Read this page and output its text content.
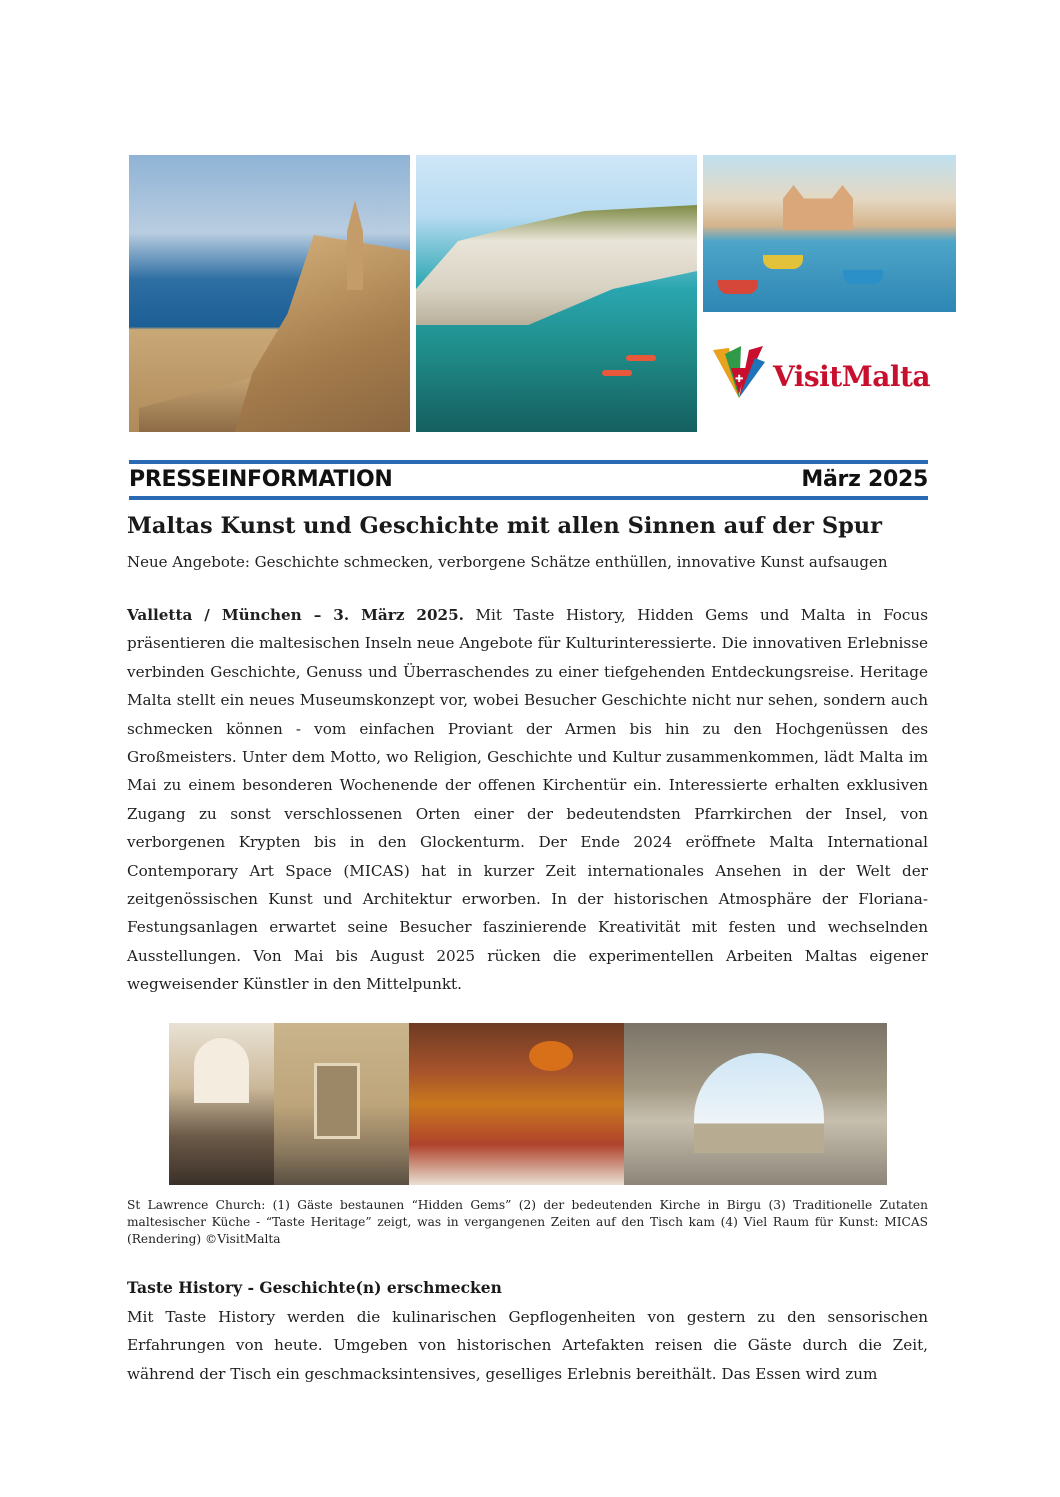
✚ VisitMalta
PRESSEINFORMATION	März 2025
Maltas Kunst und Geschichte mit allen Sinnen auf der Spur
Neue Angebote: Geschichte schmecken, verborgene Schätze enthüllen, innovative Kunst aufsaugen

Valletta / München – 3. März 2025. Mit Taste History, Hidden Gems und Malta in Focus präsentieren die maltesischen Inseln neue Angebote für Kulturinteressierte. Die innovativen Erlebnisse verbinden Geschichte, Genuss und Überraschendes zu einer tiefgehenden Entdeckungsreise. Heritage Malta stellt ein neues Museumskonzept vor, wobei Besucher Geschichte nicht nur sehen, sondern auch schmecken können - vom einfachen Proviant der Armen bis hin zu den Hochgenüssen des Großmeisters. Unter dem Motto, wo Religion, Geschichte und Kultur zusammenkommen, lädt Malta im Mai zu einem besonderen Wochenende der offenen Kirchentür ein. Interessierte erhalten exklusiven Zugang zu sonst verschlossenen Orten einer der bedeutendsten Pfarrkirchen der Insel, von verborgenen Krypten bis in den Glockenturm. Der Ende 2024 eröffnete Malta International Contemporary Art Space (MICAS) hat in kurzer Zeit internationales Ansehen in der Welt der zeitgenössischen Kunst und Architektur erworben. In der historischen Atmosphäre der Floriana-Festungsanlagen erwartet seine Besucher faszinierende Kreativität mit festen und wechselnden Ausstellungen. Von Mai bis August 2025 rücken die experimentellen Arbeiten Maltas eigener wegweisender Künstler in den Mittelpunkt.

St Lawrence Church: (1) Gäste bestaunen “Hidden Gems” (2) der bedeutenden Kirche in Birgu (3) Traditionelle Zutaten maltesischer Küche - “Taste Heritage” zeigt, was in vergangenen Zeiten auf den Tisch kam (4) Viel Raum für Kunst: MICAS (Rendering) ©VisitMalta

Taste History - Geschichte(n) erschmecken

Mit Taste History werden die kulinarischen Gepflogenheiten von gestern zu den sensorischen Erfahrungen von heute. Umgeben von historischen Artefakten reisen die Gäste durch die Zeit, während der Tisch ein geschmacksintensives, geselliges Erlebnis bereithält. Das Essen wird zum
